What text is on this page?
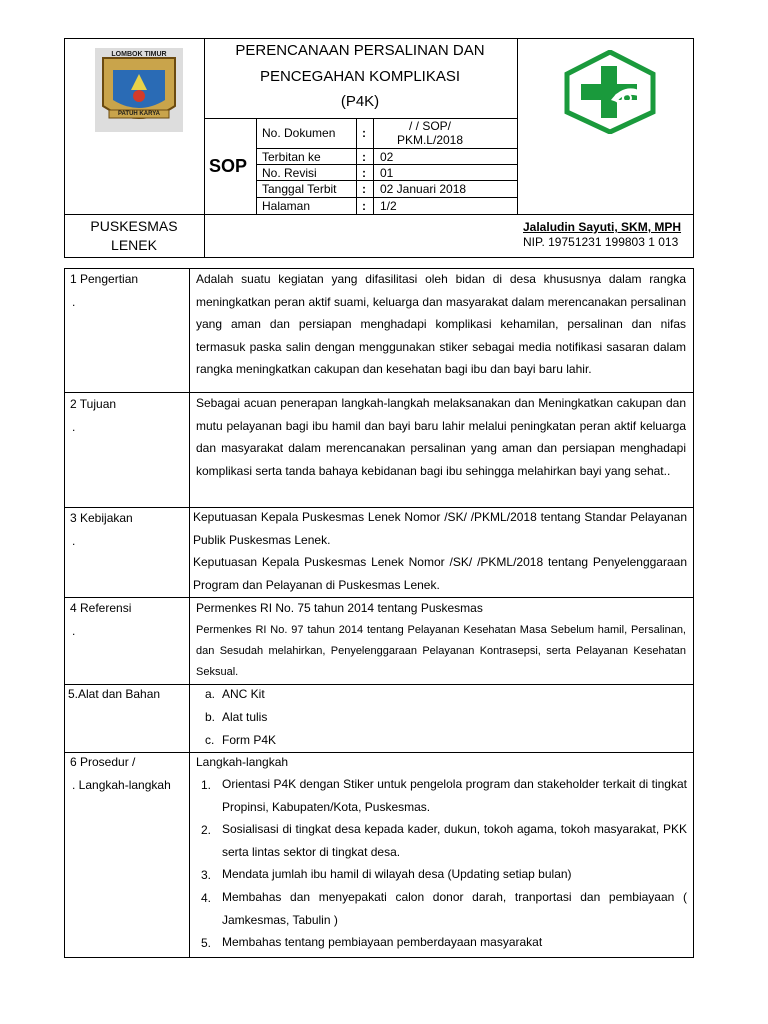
LOMBOK TIMUR
PATUH KARYA
PERENCANAAN PERSALINAN DAN
PENCEGAHAN KOMPLIKASI
(P4K)
SOP
No. Dokumen :	/ / SOP/ PKM.L/2018
Terbitan ke	: 02
No. Revisi	: 01
Tanggal Terbit : 02 Januari 2018
Halaman	: 1/2
PUSKESMAS
LENEK
Jalaludin Sayuti, SKM, MPH
NIP. 19751231 199803 1 013
1 Pengertian
.
Adalah suatu kegiatan yang difasilitasi oleh bidan di desa khususnya dalam rangka meningkatkan peran aktif suami, keluarga dan masyarakat dalam merencanakan persalinan yang aman dan persiapan menghadapi komplikasi kehamilan, persalinan dan nifas termasuk paska salin dengan menggunakan stiker sebagai media notifikasi sasaran dalam rangka meningkatkan cakupan dan kesehatan bagi ibu dan bayi baru lahir.
2 Tujuan
.
Sebagai acuan penerapan langkah-langkah melaksanakan dan Meningkatkan cakupan dan mutu pelayanan bagi ibu hamil dan bayi baru lahir melalui peningkatan peran aktif keluarga dan masyarakat dalam merencanakan persalinan yang aman dan persiapan menghadapi komplikasi serta tanda bahaya kebidanan bagi ibu sehingga melahirkan bayi yang sehat..
3 Kebijakan
.
Keputuasan Kepala Puskesmas Lenek Nomor /SK/ /PKML/2018 tentang Standar Pelayanan Publik Puskesmas Lenek.
Keputuasan Kepala Puskesmas Lenek Nomor /SK/ /PKML/2018 tentang Penyelenggaraan Program dan Pelayanan di Puskesmas Lenek.
4 Referensi
.
Permenkes RI No. 75 tahun 2014 tentang Puskesmas
Permenkes RI No. 97 tahun 2014 tentang Pelayanan Kesehatan Masa Sebelum hamil, Persalinan, dan Sesudah melahirkan, Penyelenggaraan Pelayanan Kontrasepsi, serta Pelayanan Kesehatan Seksual.
5.Alat dan Bahan	a. ANC Kit
b. Alat tulis
c. Form P4K
6 Prosedur /
. Langkah-langkah
Langkah-langkah
1. Orientasi P4K dengan Stiker untuk pengelola program dan stakeholder terkait di tingkat Propinsi, Kabupaten/Kota, Puskesmas.
2. Sosialisasi di tingkat desa kepada kader, dukun, tokoh agama, tokoh masyarakat, PKK serta lintas sektor di tingkat desa.
3. Mendata jumlah ibu hamil di wilayah desa (Updating setiap bulan)
4. Membahas dan menyepakati calon donor darah, tranportasi dan pembiayaan ( Jamkesmas, Tabulin )
5. Membahas tentang pembiayaan pemberdayaan masyarakat
